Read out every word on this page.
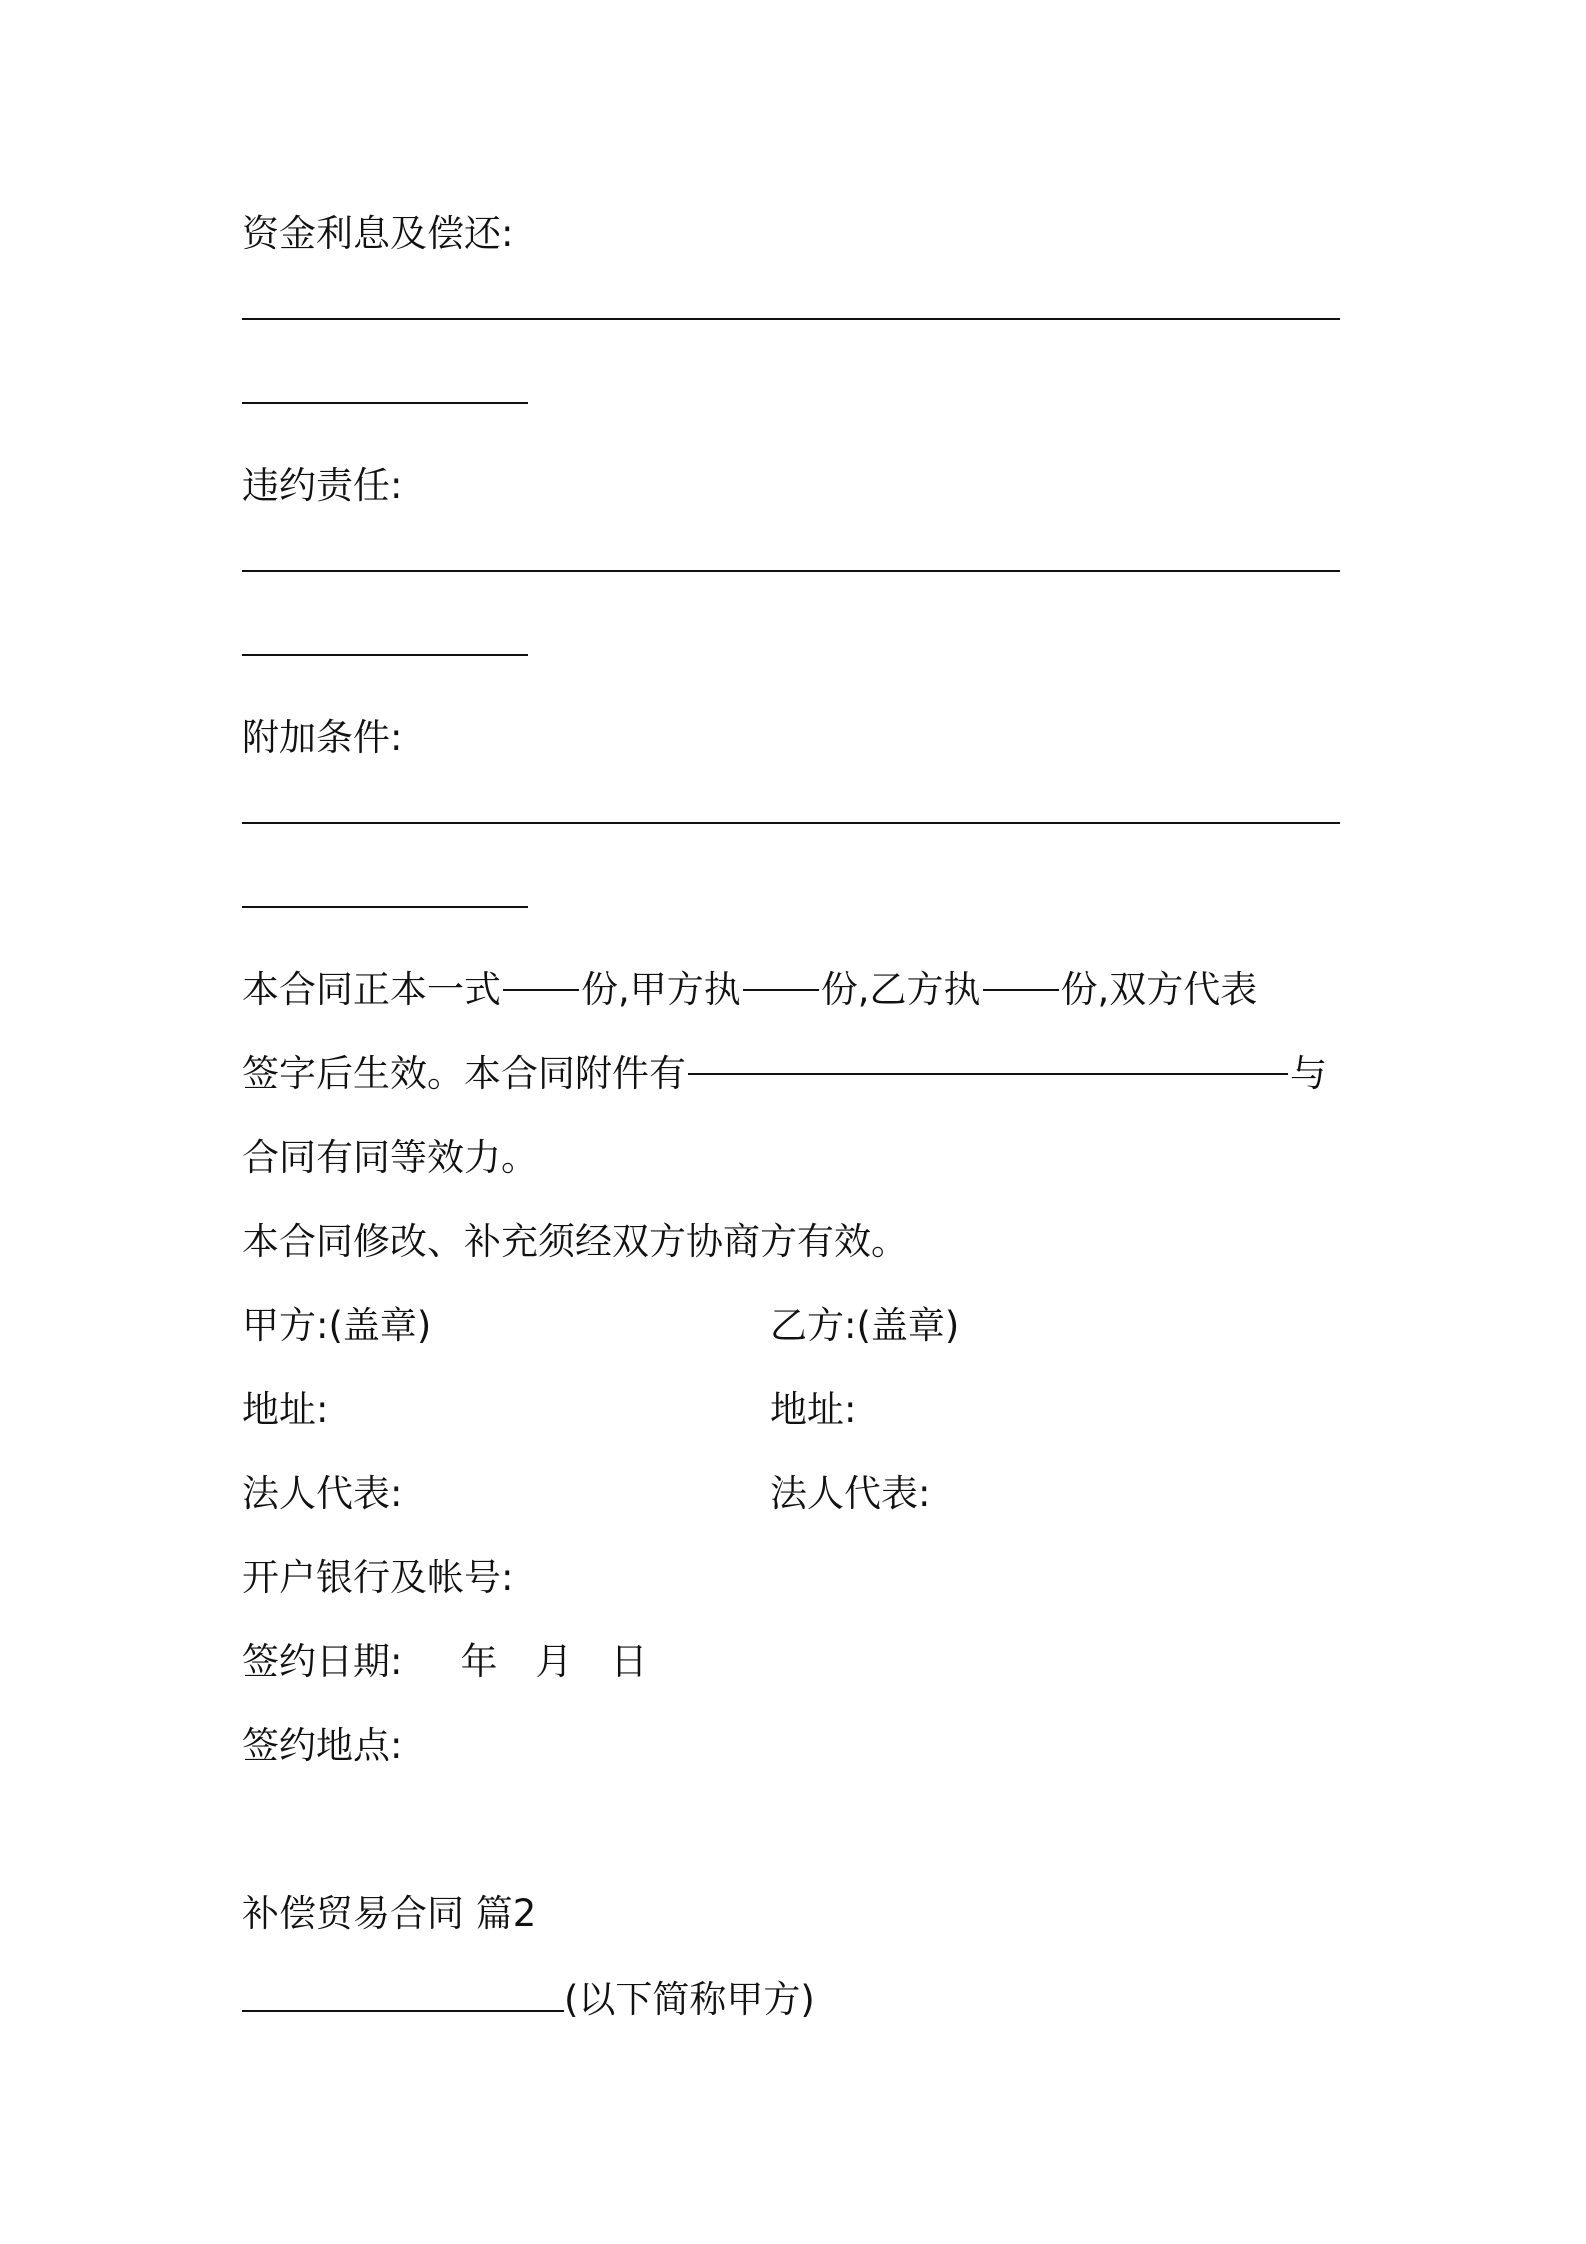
资金利息及偿还:
违约责任:
附加条件:
本合同正本一式 份,甲方执 份,乙方执 份,双方代表
签字后生效。本合同附件有	与
合同有同等效力。
本合同修改、补充须经双方协商方有效。
甲方:(盖章)	乙方:(盖章)
地址:	地址:
法人代表:	法人代表:
开户银行及帐号:
签约日期: 年 月 日
签约地点:
补偿贸易合同 篇2
(以下简称甲方)
